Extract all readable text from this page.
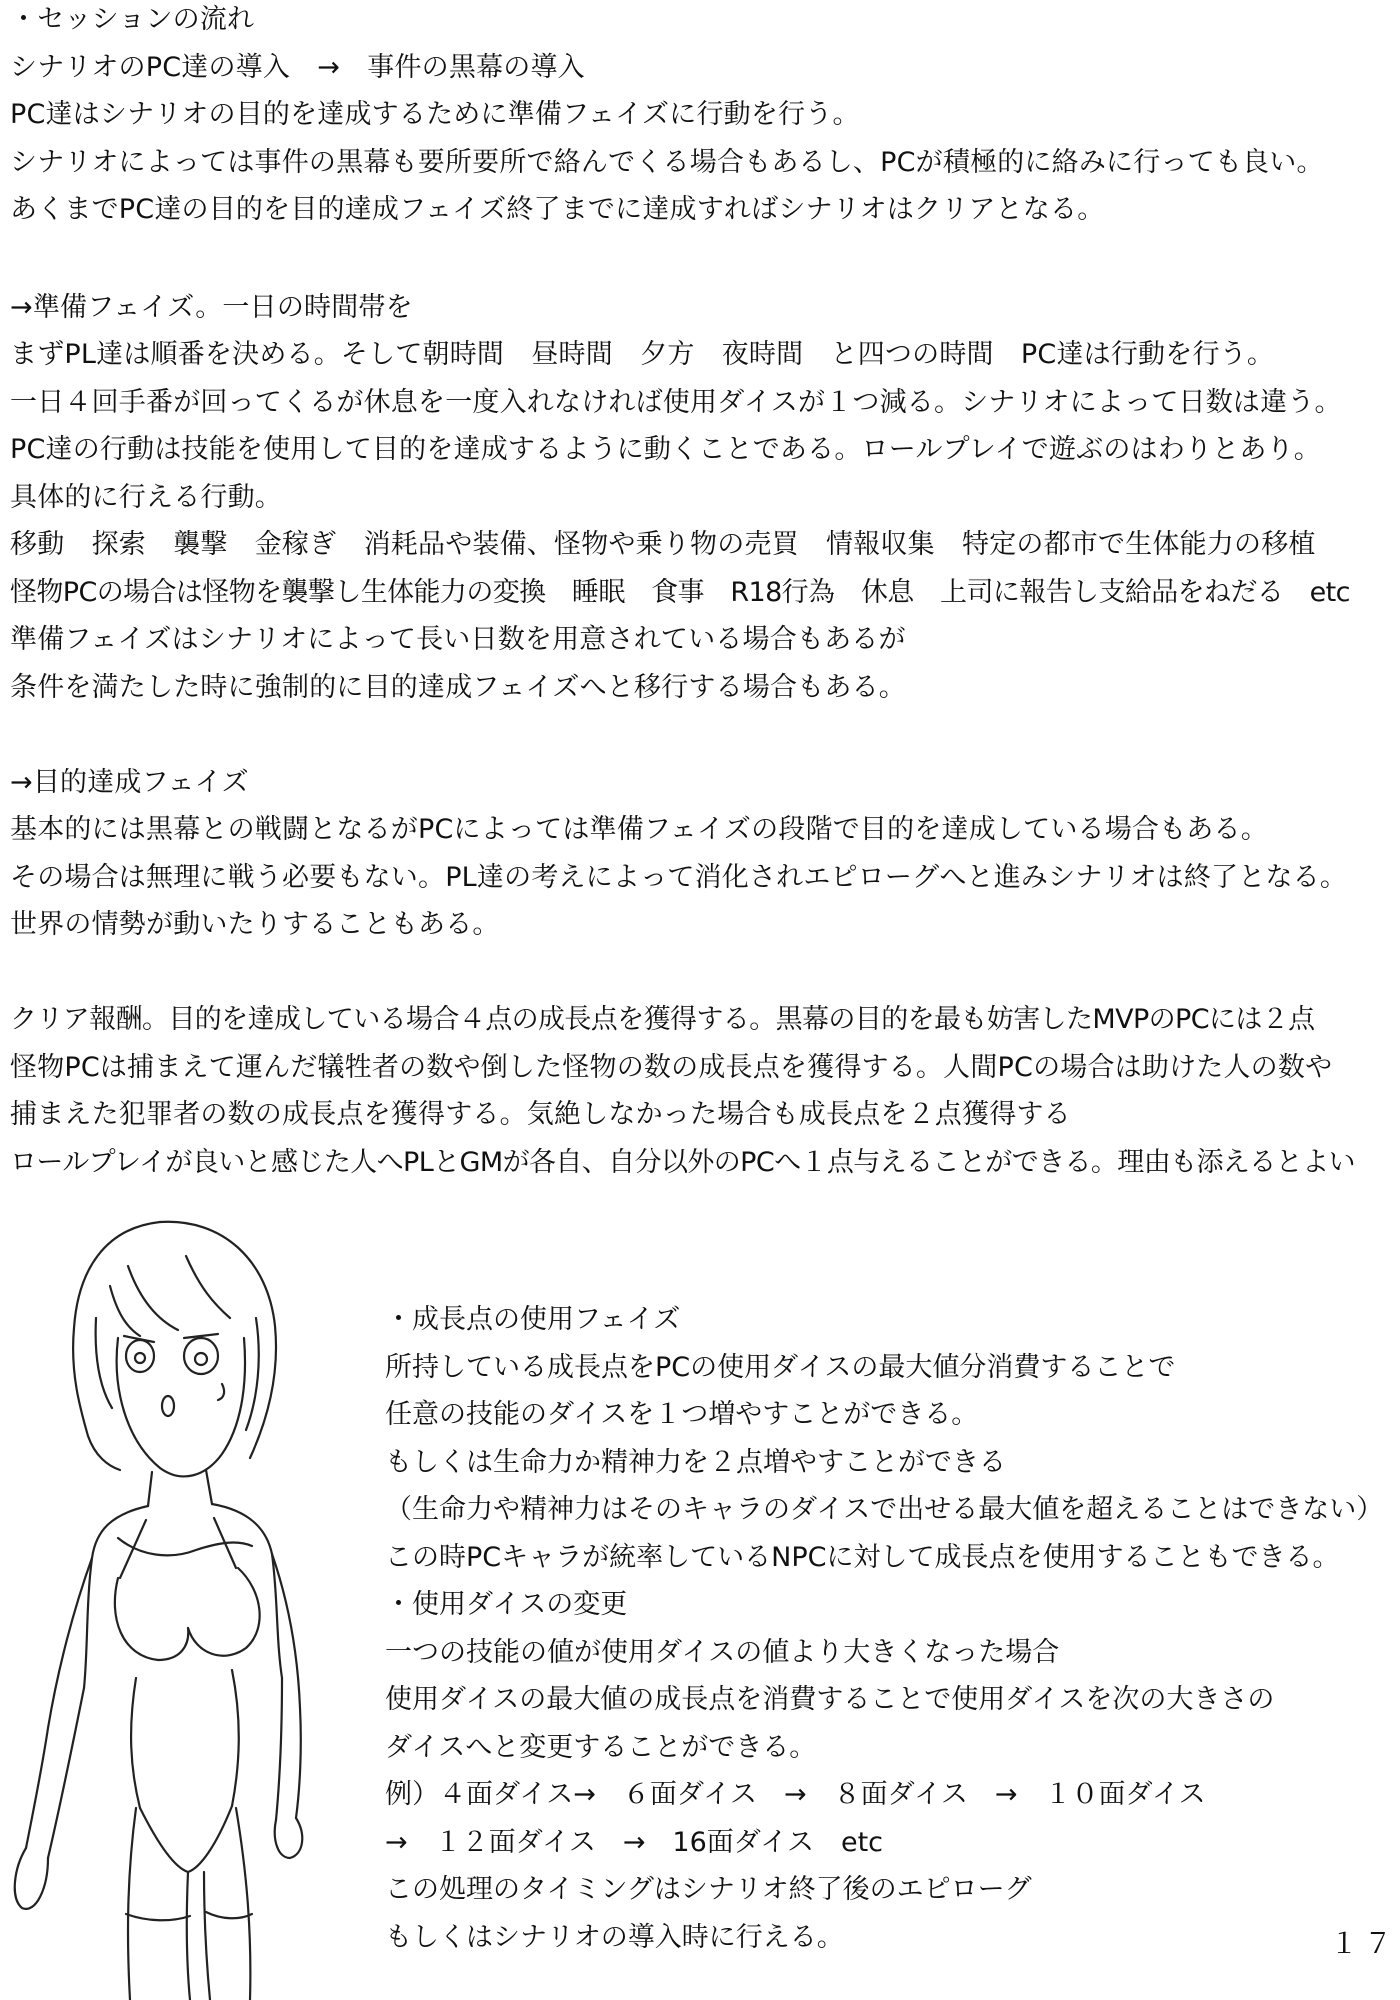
・セッションの流れ
シナリオのPC達の導入　→　事件の黒幕の導入
PC達はシナリオの目的を達成するために準備フェイズに行動を行う。
シナリオによっては事件の黒幕も要所要所で絡んでくる場合もあるし、PCが積極的に絡みに行っても良い。
あくまでPC達の目的を目的達成フェイズ終了までに達成すればシナリオはクリアとなる。
→準備フェイズ。一日の時間帯を
まずPL達は順番を決める。そして朝時間　昼時間　夕方　夜時間　と四つの時間　PC達は行動を行う。
一日４回手番が回ってくるが休息を一度入れなければ使用ダイスが１つ減る。シナリオによって日数は違う。
PC達の行動は技能を使用して目的を達成するように動くことである。ロールプレイで遊ぶのはわりとあり。
具体的に行える行動。
移動　探索　襲撃　金稼ぎ　消耗品や装備、怪物や乗り物の売買　情報収集　特定の都市で生体能力の移植
怪物PCの場合は怪物を襲撃し生体能力の変換　睡眠　食事　R18行為　休息　上司に報告し支給品をねだる　etc
準備フェイズはシナリオによって長い日数を用意されている場合もあるが
条件を満たした時に強制的に目的達成フェイズへと移行する場合もある。
→目的達成フェイズ
基本的には黒幕との戦闘となるがPCによっては準備フェイズの段階で目的を達成している場合もある。
その場合は無理に戦う必要もない。PL達の考えによって消化されエピローグへと進みシナリオは終了となる。
世界の情勢が動いたりすることもある。
クリア報酬。目的を達成している場合４点の成長点を獲得する。黒幕の目的を最も妨害したMVPのPCには２点
怪物PCは捕まえて運んだ犠牲者の数や倒した怪物の数の成長点を獲得する。人間PCの場合は助けた人の数や
捕まえた犯罪者の数の成長点を獲得する。気絶しなかった場合も成長点を２点獲得する
ロールプレイが良いと感じた人へPLとGMが各自、自分以外のPCへ１点与えることができる。理由も添えるとよい
・成長点の使用フェイズ
所持している成長点をPCの使用ダイスの最大値分消費することで
任意の技能のダイスを１つ増やすことができる。
もしくは生命力か精神力を２点増やすことができる
（生命力や精神力はそのキャラのダイスで出せる最大値を超えることはできない）
この時PCキャラが統率しているNPCに対して成長点を使用することもできる。
・使用ダイスの変更
一つの技能の値が使用ダイスの値より大きくなった場合
使用ダイスの最大値の成長点を消費することで使用ダイスを次の大きさの
ダイスへと変更することができる。
例）４面ダイス→　６面ダイス　→　８面ダイス　→　１０面ダイス
→　１２面ダイス　→　16面ダイス　etc
この処理のタイミングはシナリオ終了後のエピローグ
もしくはシナリオの導入時に行える。	１７
